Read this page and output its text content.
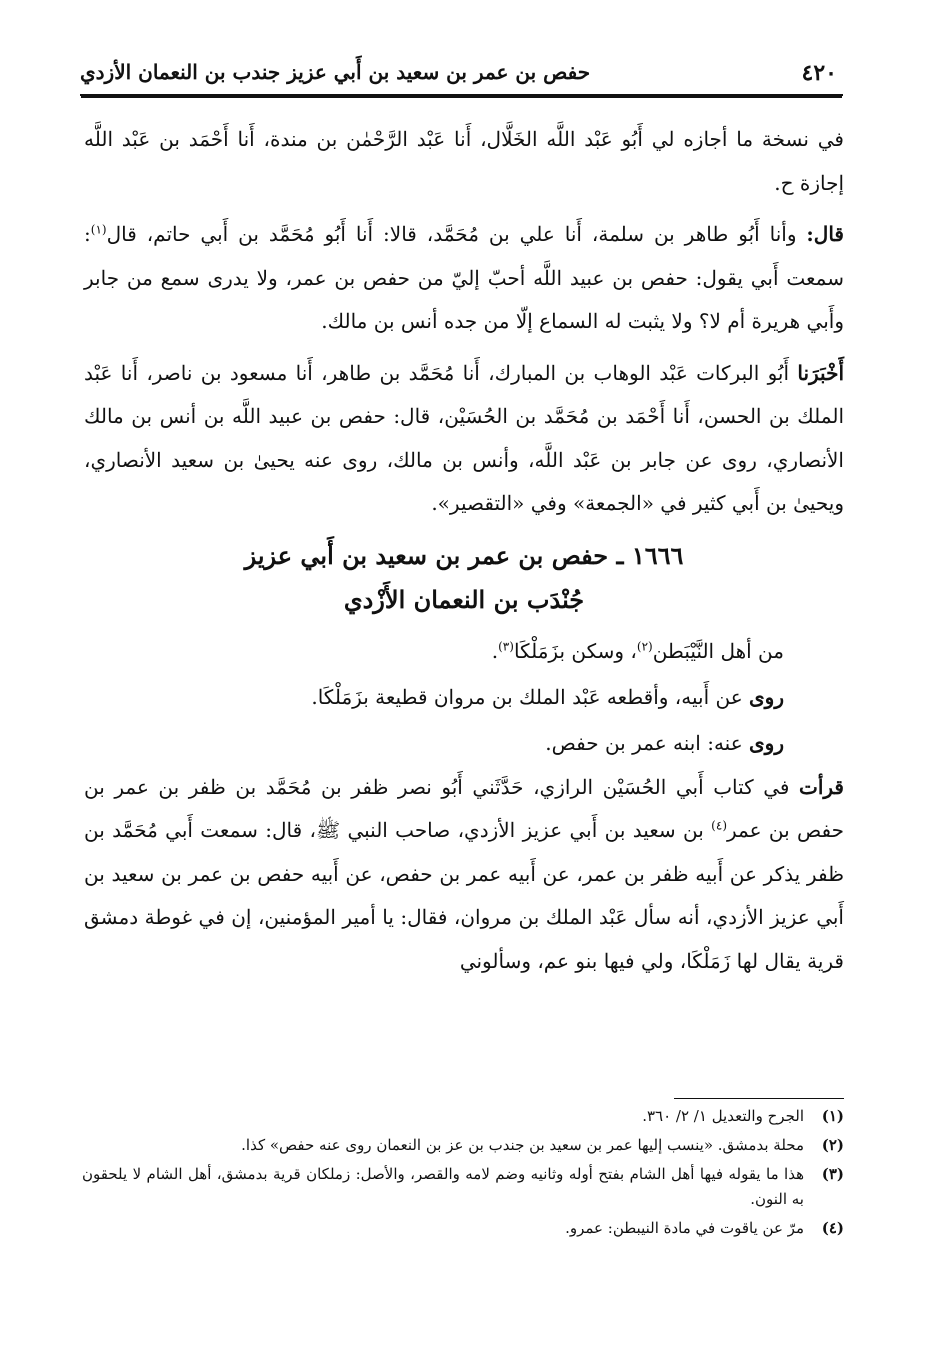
٤٢٠
حفص بن عمر بن سعيد بن أَبي عزيز جندب بن النعمان الأزدي

في نسخة ما أجازه لي أَبُو عَبْد اللَّه الخَلَّال، أَنا عَبْد الرَّحْمٰن بن مندة، أَنا أَحْمَد بن عَبْد اللَّه إجازة ح.

قال: وأنا أَبُو طاهر بن سلمة، أَنا علي بن مُحَمَّد، قالا: أَنا أَبُو مُحَمَّد بن أَبي حاتم، قال$^{(١)}$: سمعت أَبي يقول: حفص بن عبيد اللَّه أحبّ إليّ من حفص بن عمر، ولا يدرى سمع من جابر وأَبي هريرة أم لا؟ ولا يثبت له السماع إلّا من جده أنس بن مالك.

أَخْبَرَنا أَبُو البركات عَبْد الوهاب بن المبارك، أَنا مُحَمَّد بن طاهر، أَنا مسعود بن ناصر، أَنا عَبْد الملك بن الحسن، أَنا أَحْمَد بن مُحَمَّد بن الحُسَيْن، قال: حفص بن عبيد اللَّه بن أنس بن مالك الأنصاري، روى عن جابر بن عَبْد اللَّه، وأنس بن مالك، روى عنه يحيىٰ بن سعيد الأنصاري، ويحيىٰ بن أَبي كثير في «الجمعة» وفي «التقصير».

١٦٦٦ ـ حفص بن عمر بن سعيد بن أَبي عزيز
جُنْدَب بن النعمان الأَزْدي

من أهل النَّيْبَطن$^{(٢)}$، وسكن بزَمَلْكَا$^{(٣)}$.

روى عن أَبيه، وأقطعه عَبْد الملك بن مروان قطيعة بزَمَلْكَا.

روى عنه: ابنه عمر بن حفص.

قرأت في كتاب أَبي الحُسَيْن الرازي، حَدَّثَني أَبُو نصر ظفر بن مُحَمَّد بن ظفر بن عمر بن حفص بن عمر$^{(٤)}$ بن سعيد بن أَبي عزيز الأزدي، صاحب النبي ﷺ، قال: سمعت أَبي مُحَمَّد بن ظفر يذكر عن أَبيه ظفر بن عمر، عن أَبيه عمر بن حفص، عن أَبيه حفص بن عمر بن سعيد بن أَبي عزيز الأزدي، أنه سأل عَبْد الملك بن مروان، فقال: يا أمير المؤمنين، إن في غوطة دمشق قرية يقال لها زَمَلْكَا، ولي فيها بنو عم، وسألوني

(١)
الجرح والتعديل ١/ ٢/ ٣٦٠.
(٢)
محلة بدمشق. «ينسب إليها عمر بن سعيد بن جندب بن عز بن النعمان روى عنه حفص» كذا.
(٣)
هذا ما يقوله فيها أهل الشام بفتح أوله وثانيه وضم لامه والقصر، والأصل: زملكان قرية بدمشق، أهل الشام لا يلحقون به النون.
(٤)
مرّ عن ياقوت في مادة النيبطن: عمرو.
